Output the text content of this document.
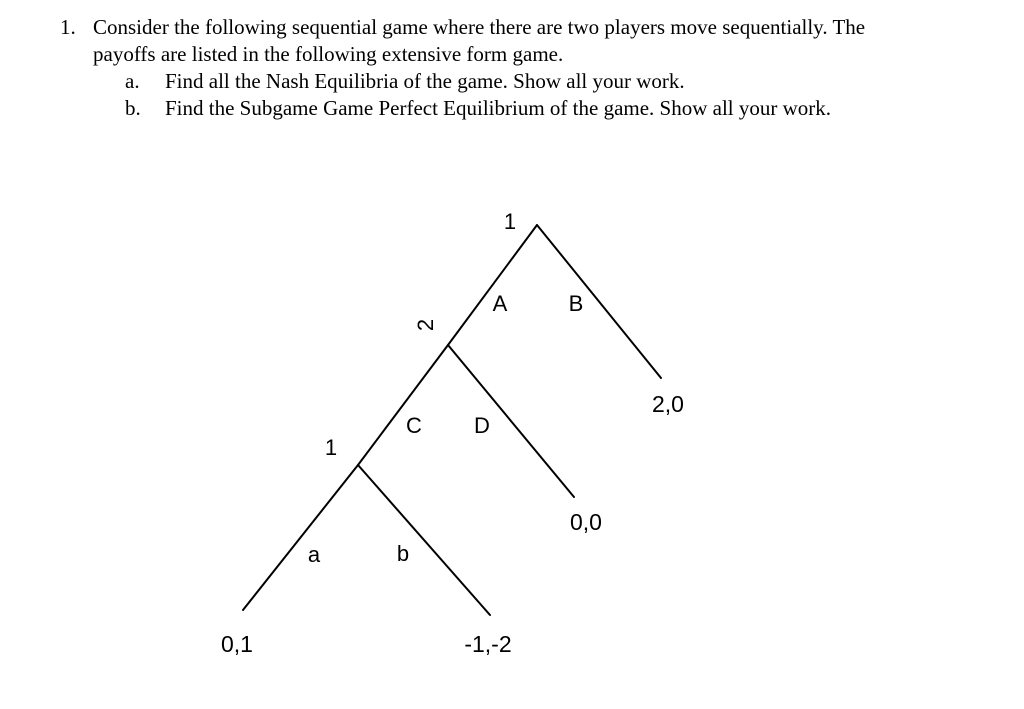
1. Consider the following sequential game where there are two players move sequentially. The
payoffs are listed in the following extensive form game.
a.	Find all the Nash Equilibria of the game. Show all your work.
b.	Find the Subgame Game Perfect Equilibrium of the game. Show all your work.
1
2
1
A	B
C D
a	b
2,0
0,0
0,1	-1,-2
